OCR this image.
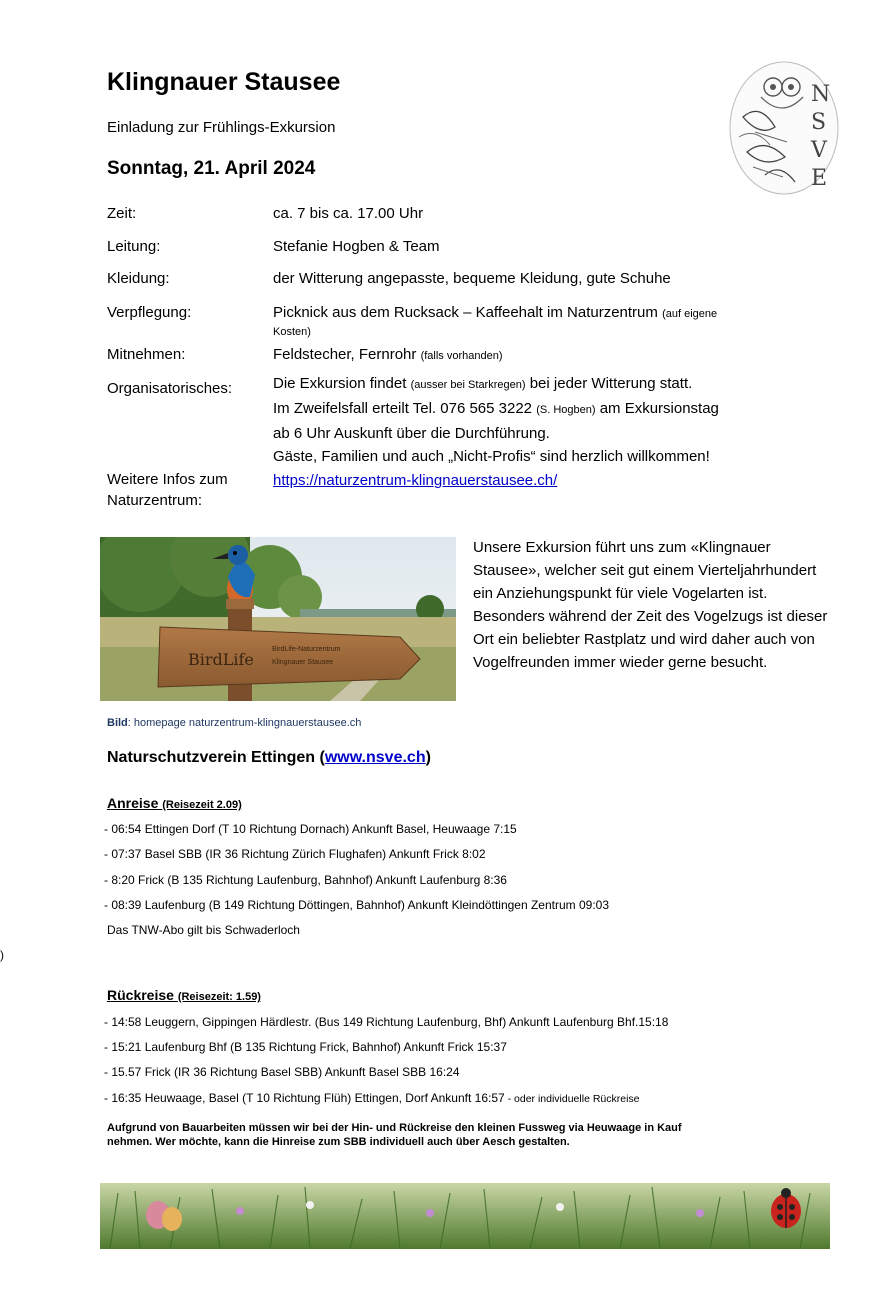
Klingnauer Stausee
Einladung zur Frühlings-Exkursion
Sonntag, 21. April 2024
N
S
V
E
Zeit:	ca. 7 bis ca. 17.00 Uhr
Leitung:	Stefanie Hogben & Team
Kleidung:	der Witterung angepasste, bequeme Kleidung, gute Schuhe
Verpflegung:	Picknick aus dem Rucksack – Kaffeehalt im Naturzentrum (auf eigene
$^{Kosten)}$
Mitnehmen:	Feldstecher, Fernrohr (falls vorhanden)
Organisatorisches:	Die Exkursion findet (ausser bei Starkregen) bei jeder Witterung statt.
Im Zweifelsfall erteilt Tel. 076 565 3222 (S. Hogben) am Exkursionstag
ab 6 Uhr Auskunft über die Durchführung.
Gäste, Familien und auch „Nicht-Profis“ sind herzlich willkommen!
Weitere Infos zum
Naturzentrum:
https://naturzentrum-klingnauerstausee.ch/
BirdLife
BirdLife-Naturzentrum
Klingnauer Stausee
Bild: homepage naturzentrum-klingnauerstausee.ch
Unsere Exkursion führt uns zum «Klingnauer Stausee», welcher seit gut einem Vierteljahrhundert ein Anziehungspunkt für viele Vogelarten ist. Besonders während der Zeit des Vogelzugs ist dieser Ort ein beliebter Rastplatz und wird daher auch von Vogelfreunden immer wieder gerne besucht.
Naturschutzverein Ettingen (www.nsve.ch)
Anreise (Reisezeit 2.09)
- 06:54 Ettingen Dorf (T 10 Richtung Dornach) Ankunft Basel, Heuwaage 7:15
- 07:37 Basel SBB (IR 36 Richtung Zürich Flughafen) Ankunft Frick 8:02
- 8:20 Frick (B 135 Richtung Laufenburg, Bahnhof) Ankunft Laufenburg 8:36
- 08:39 Laufenburg (B 149 Richtung Döttingen, Bahnhof) Ankunft Kleindöttingen Zentrum 09:03
Das TNW-Abo gilt bis Schwaderloch
)
Rückreise (Reisezeit: 1.59)
- 14:58 Leuggern, Gippingen Härdlestr. (Bus 149 Richtung Laufenburg, Bhf) Ankunft Laufenburg Bhf.15:18
- 15:21 Laufenburg Bhf (B 135 Richtung Frick, Bahnhof) Ankunft Frick 15:37
- 15.57 Frick (IR 36 Richtung Basel SBB) Ankunft Basel SBB 16:24
- 16:35 Heuwaage, Basel (T 10 Richtung Flüh) Ettingen, Dorf Ankunft 16:57 - oder individuelle Rückreise
Aufgrund von Bauarbeiten müssen wir bei der Hin- und Rückreise den kleinen Fussweg via Heuwaage in Kauf nehmen. Wer möchte, kann die Hinreise zum SBB individuell auch über Aesch gestalten.
